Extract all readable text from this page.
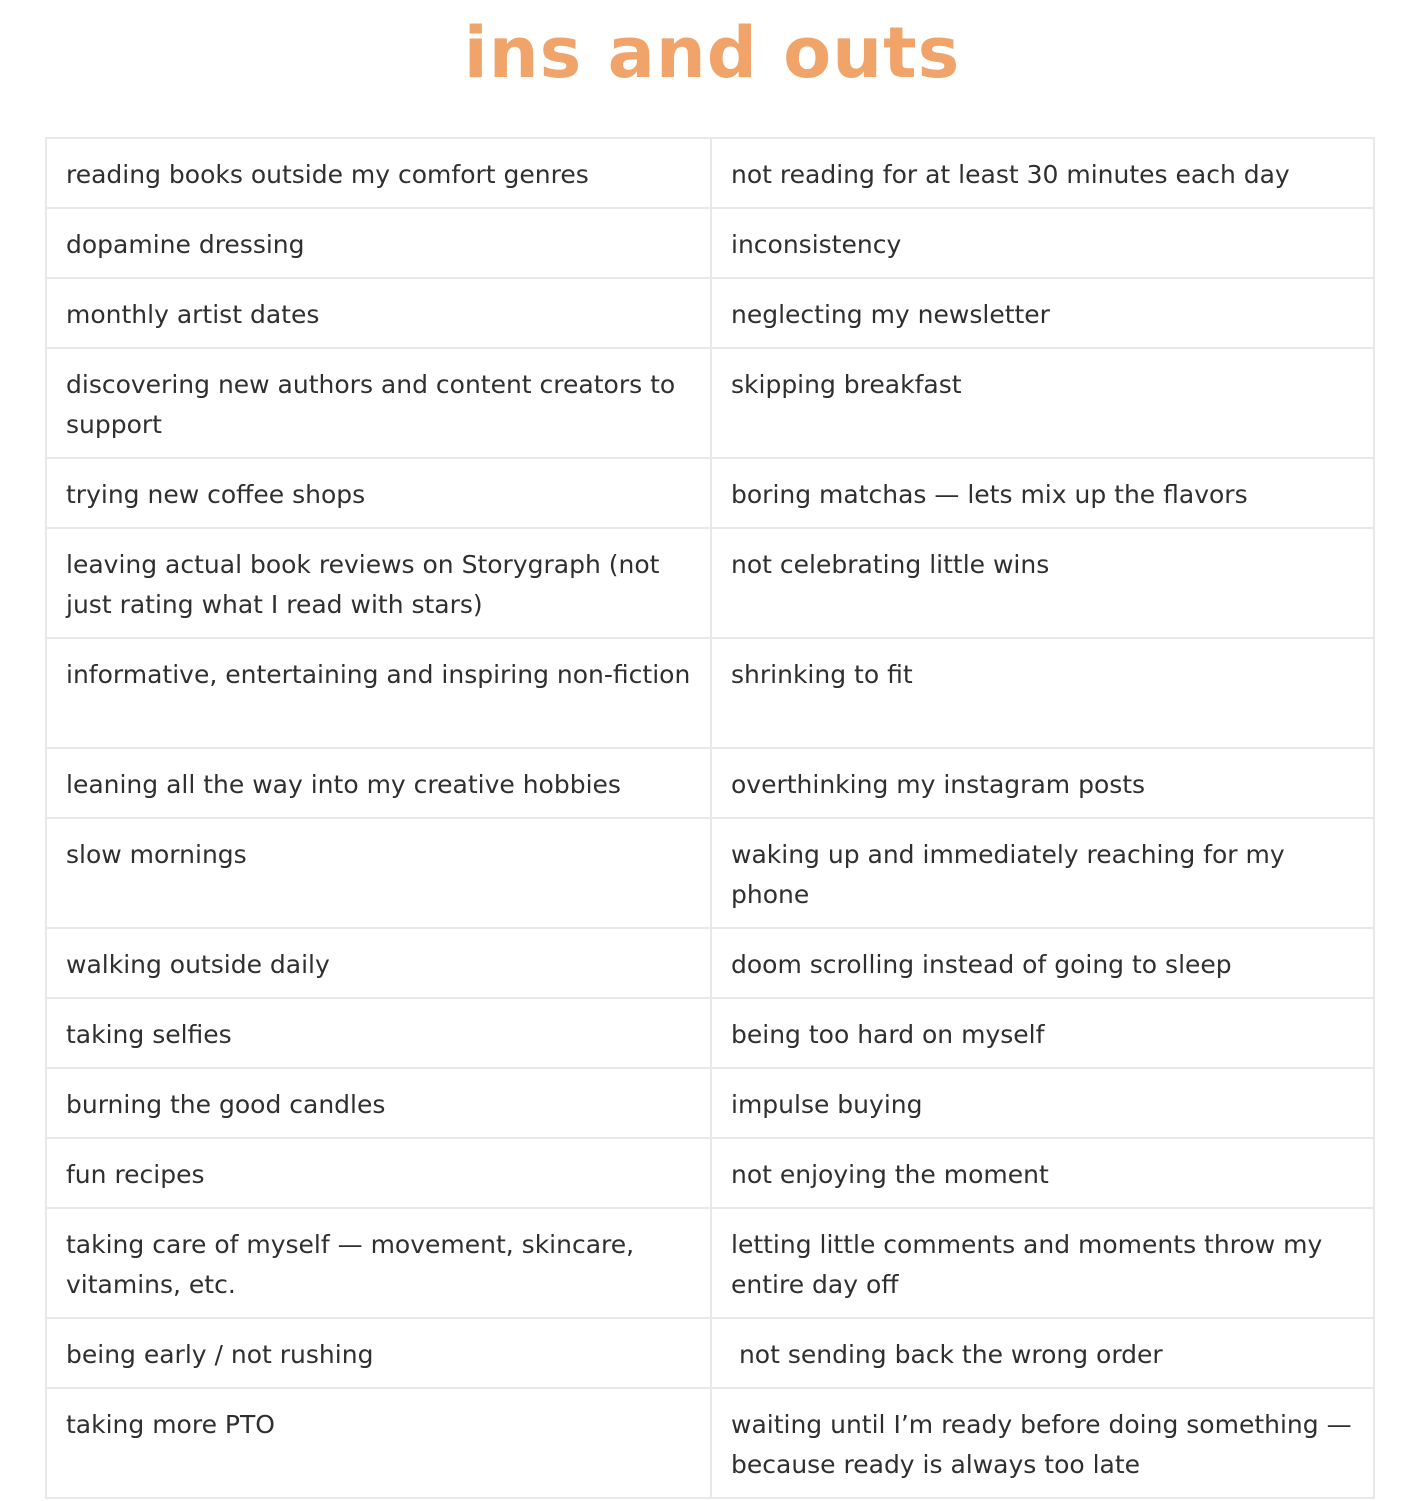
ins and outs
reading books outside my comfort genres	not reading for at least 30 minutes each day
dopamine dressing	inconsistency
monthly artist dates	neglecting my newsletter
discovering new authors and content creators to support	skipping breakfast
trying new coffee shops	boring matchas — lets mix up the flavors
leaving actual book reviews on Storygraph (not just rating what I read with stars)	not celebrating little wins
informative, entertaining and inspiring non-fiction	shrinking to fit
leaning all the way into my creative hobbies	overthinking my instagram posts
slow mornings	waking up and immediately reaching for my phone
walking outside daily	doom scrolling instead of going to sleep
taking selfies	being too hard on myself
burning the good candles	impulse buying
fun recipes	not enjoying the moment
taking care of myself — movement, skincare, vitamins, etc.	letting little comments and moments throw my entire day off
being early / not rushing	not sending back the wrong order
taking more PTO	waiting until I’m ready before doing something — because ready is always too late
